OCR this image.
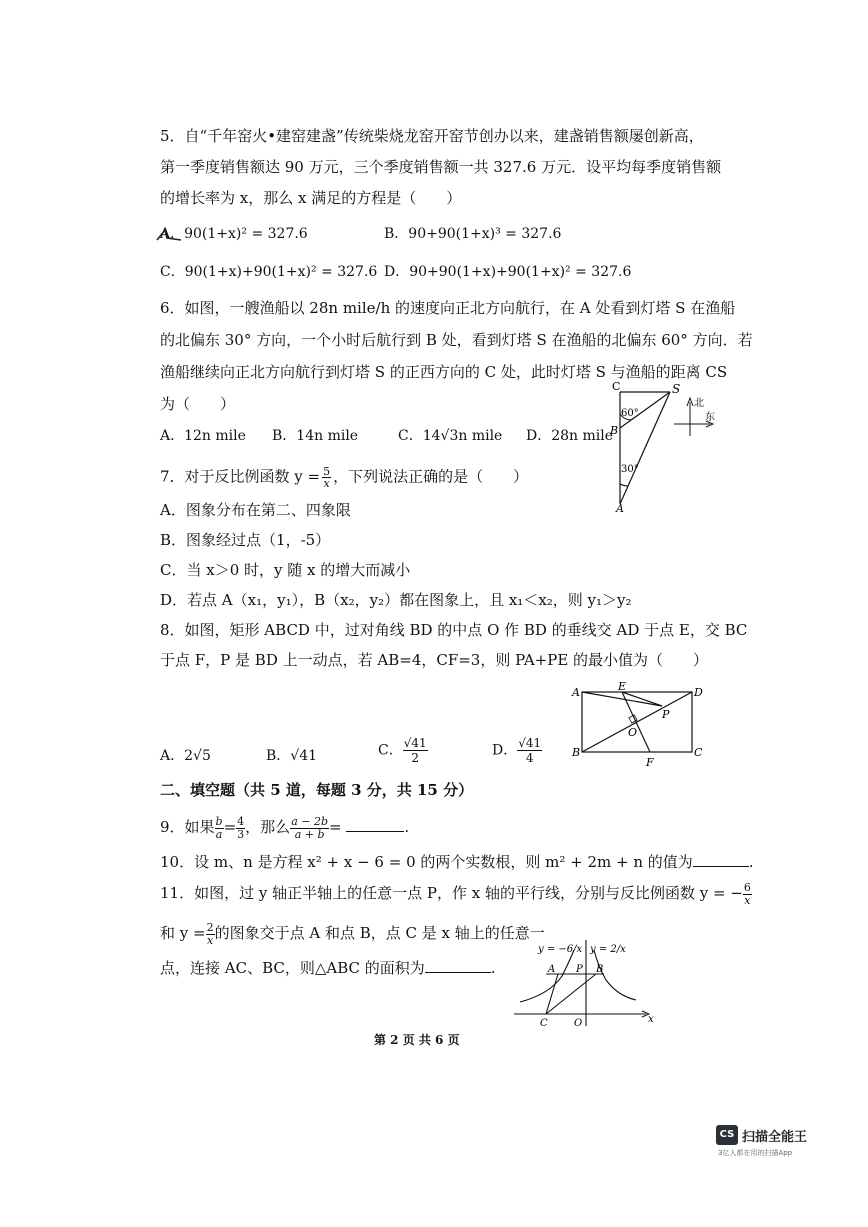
5．自“千年窑火•建窑建盏”传统柴烧龙窑开窑节创办以来，建盏销售额屡创新高，
第一季度销售额达 90 万元，三个季度销售额一共 327.6 万元．设平均每季度销售额
的增长率为 x，那么 x 满足的方程是（　　）
A．90(1+x)² = 327.6	B．90+90(1+x)³ = 327.6
C．90(1+x)+90(1+x)² = 327.6 D．90+90(1+x)+90(1+x)² = 327.6
6．如图，一艘渔船以 28n mile/h 的速度向正北方向航行，在 A 处看到灯塔 S 在渔船
的北偏东 30° 方向，一个小时后航行到 B 处，看到灯塔 S 在渔船的北偏东 60° 方向．若
渔船继续向正北方向航行到灯塔 S 的正西方向的 C 处，此时灯塔 S 与渔船的距离 CS
为（　　）
A．12n mile B．14n mile	C．14√3n mile D．28n mile
C	S
60°
B
30°
A
北
东
7．对于反比例函数 $y = \frac{5}{x}$ ，下列说法正确的是（　　）
A．图象分布在第二、四象限
B．图象经过点（1，-5）
C．当 x＞0 时，y 随 x 的增大而减小
D．若点 A（x₁，y₁），B（x₂，y₂）都在图象上，且 x₁＜x₂，则 y₁＞y₂
8．如图，矩形 ABCD 中，过对角线 BD 的中点 O 作 BD 的垂线交 AD 于点 E，交 BC
于点 F，P 是 BD 上一动点，若 AB=4，CF=3，则 PA+PE 的最小值为（　　）
A	E	D
P
O
B
F
C
A．2√5	B．√41	C． $\frac{√41}{2}$	D． $\frac{√41}{4}$
二、填空题（共 5 道，每题 3 分，共 15 分）
9．如果 $\frac{b}{a} = \frac{4}{3}$ ，那么 $\frac{a - 2b}{a + b}$ =	.
10．设 m、n 是方程 x² + x − 6 = 0 的两个实数根，则 m² + 2m + n 的值为	.
11．如图，过 y 轴正半轴上的任意一点 P，作 x 轴的平行线，分别与反比例函数 y = − $\frac{6}{x}$
和 $y = \frac{2}{x}$ 的图象交于点 A 和点 B，点 C 是 x 轴上的任意一
点，连接 AC、BC，则△ABC 的面积为	.
y = −6/x y = 2/x
A P B
C	O	x
第 2 页 共 6 页
CS 扫描全能王
3亿人都在用的扫描App
